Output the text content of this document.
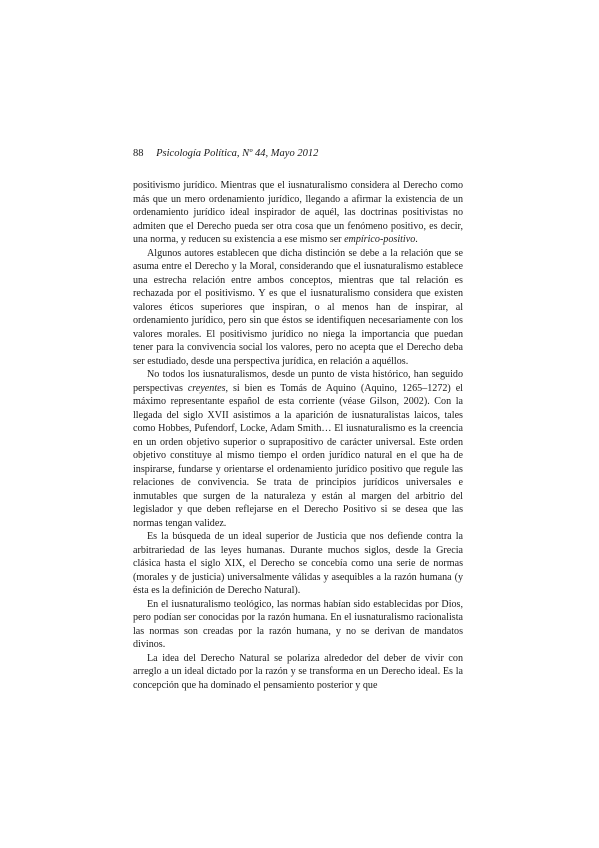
88 Psicología Política, Nº 44, Mayo 2012

positivismo jurídico. Mientras que el iusnaturalismo considera al Derecho como más que un mero ordenamiento jurídico, llegando a afirmar la existencia de un ordenamiento jurídico ideal inspirador de aquél, las doctrinas positivistas no admiten que el Derecho pueda ser otra cosa que un fenómeno positivo, es decir, una norma, y reducen su existencia a ese mismo ser empírico-positivo.

Algunos autores establecen que dicha distinción se debe a la relación que se asuma entre el Derecho y la Moral, considerando que el iusnaturalismo establece una estrecha relación entre ambos conceptos, mientras que tal relación es rechazada por el positivismo. Y es que el iusnaturalismo considera que existen valores éticos superiores que inspiran, o al menos han de inspirar, al ordenamiento jurídico, pero sin que éstos se identifiquen necesariamente con los valores morales. El positivismo jurídico no niega la importancia que puedan tener para la convivencia social los valores, pero no acepta que el Derecho deba ser estudiado, desde una perspectiva jurídica, en relación a aquéllos.

No todos los iusnaturalismos, desde un punto de vista histórico, han seguido perspectivas creyentes, si bien es Tomás de Aquino (Aquino, 1265–1272) el máximo representante español de esta corriente (véase Gilson, 2002). Con la llegada del siglo XVII asistimos a la aparición de iusnaturalistas laicos, tales como Hobbes, Pufendorf, Locke, Adam Smith… El iusnaturalismo es la creencia en un orden objetivo superior o suprapositivo de carácter universal. Este orden objetivo constituye al mismo tiempo el orden jurídico natural en el que ha de inspirarse, fundarse y orientarse el ordenamiento jurídico positivo que regule las relaciones de convivencia. Se trata de principios jurídicos universales e inmutables que surgen de la naturaleza y están al margen del arbitrio del legislador y que deben reflejarse en el Derecho Positivo si se desea que las normas tengan validez.

Es la búsqueda de un ideal superior de Justicia que nos defiende contra la arbitrariedad de las leyes humanas. Durante muchos siglos, desde la Grecia clásica hasta el siglo XIX, el Derecho se concebía como una serie de normas (morales y de justicia) universalmente válidas y asequibles a la razón humana (y ésta es la definición de Derecho Natural).

En el iusnaturalismo teológico, las normas habían sido establecidas por Dios, pero podían ser conocidas por la razón humana. En el iusnaturalismo racionalista las normas son creadas por la razón humana, y no se derivan de mandatos divinos.

La idea del Derecho Natural se polariza alrededor del deber de vivir con arreglo a un ideal dictado por la razón y se transforma en un Derecho ideal. Es la concepción que ha dominado el pensamiento posterior y que
